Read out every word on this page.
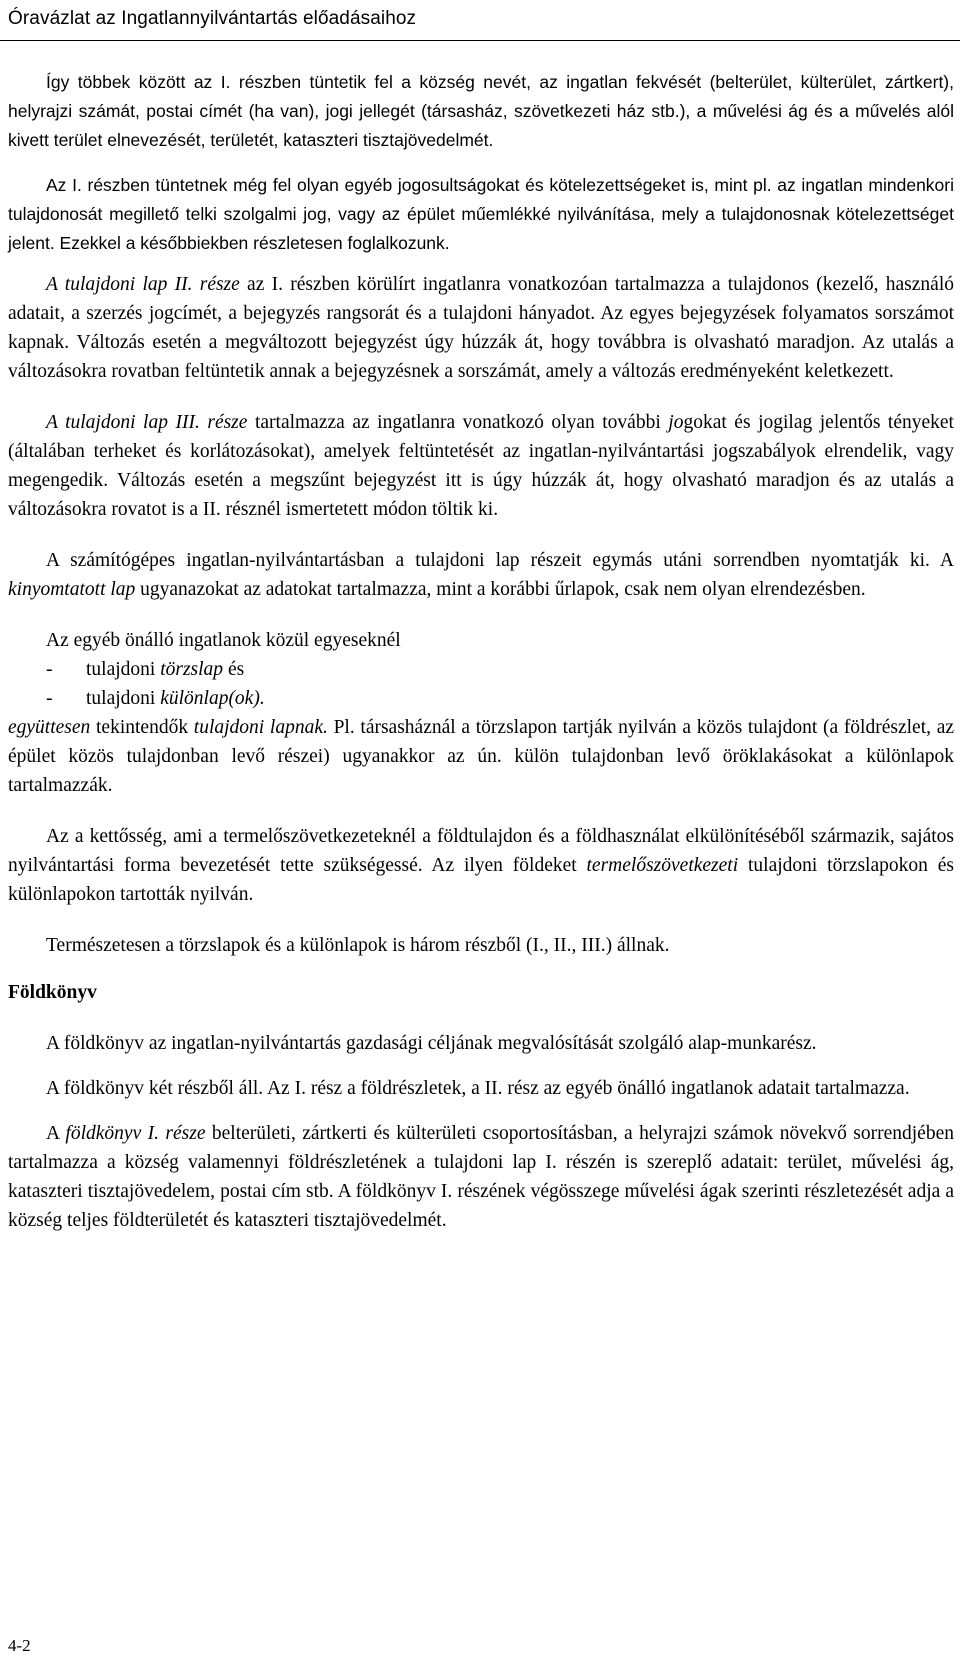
Óravázlat az Ingatlannyilvántartás előadásaihoz

Így többek között az I. részben tüntetik fel a község nevét, az ingatlan fekvését (belterület, külterület, zártkert), helyrajzi számát, postai címét (ha van), jogi jellegét (társasház, szövetkezeti ház stb.), a művelési ág és a művelés alól kivett terület elnevezését, területét, kataszteri tisztajövedelmét.

Az I. részben tüntetnek még fel olyan egyéb jogosultságokat és kötelezettségeket is, mint pl. az ingatlan mindenkori tulajdonosát megillető telki szolgalmi jog, vagy az épület műemlékké nyilvánítása, mely a tulajdonosnak kötelezettséget jelent. Ezekkel a későbbiekben részletesen foglalkozunk.

A tulajdoni lap II. része az I. részben körülírt ingatlanra vonatkozóan tartalmazza a tulajdonos (kezelő, használó adatait, a szerzés jogcímét, a bejegyzés rangsorát és a tulajdoni hányadot. Az egyes bejegyzések folyamatos sorszámot kapnak. Változás esetén a megváltozott bejegyzést úgy húzzák át, hogy továbbra is olvasható maradjon. Az utalás a változásokra rovatban feltüntetik annak a bejegyzésnek a sorszámát, amely a változás eredményeként keletkezett.

A tulajdoni lap III. része tartalmazza az ingatlanra vonatkozó olyan további jogokat és jogilag jelentős tényeket (általában terheket és korlátozásokat), amelyek feltüntetését az ingatlan-nyilvántartási jogszabályok elrendelik, vagy megengedik. Változás esetén a megszűnt bejegyzést itt is úgy húzzák át, hogy olvasható maradjon és az utalás a változásokra rovatot is a II. résznél ismertetett módon töltik ki.

A számítógépes ingatlan-nyilvántartásban a tulajdoni lap részeit egymás utáni sorrendben nyomtatják ki. A kinyomtatott lap ugyanazokat az adatokat tartalmazza, mint a korábbi űrlapok, csak nem olyan elrendezésben.

Az egyéb önálló ingatlanok közül egyeseknél

- tulajdoni törzslap és

- tulajdoni különlap(ok).

együttesen tekintendők tulajdoni lapnak. Pl. társasháznál a törzslapon tartják nyilván a közös tulajdont (a földrészlet, az épület közös tulajdonban levő részei) ugyanakkor az ún. külön tulajdonban levő öröklakásokat a különlapok tartalmazzák.

Az a kettősség, ami a termelőszövetkezeteknél a földtulajdon és a földhasználat elkülönítéséből származik, sajátos nyilvántartási forma bevezetését tette szükségessé. Az ilyen földeket termelőszövetkezeti tulajdoni törzslapokon és különlapokon tartották nyilván.

Természetesen a törzslapok és a különlapok is három részből (I., II., III.) állnak.

Földkönyv

A földkönyv az ingatlan-nyilvántartás gazdasági céljának megvalósítását szolgáló alap-munkarész.

A földkönyv két részből áll. Az I. rész a földrészletek, a II. rész az egyéb önálló ingatlanok adatait tartalmazza.

A földkönyv I. része belterületi, zártkerti és külterületi csoportosításban, a helyrajzi számok növekvő sorrendjében tartalmazza a község valamennyi földrészletének a tulajdoni lap I. részén is szereplő adatait: terület, művelési ág, kataszteri tisztajövedelem, postai cím stb. A földkönyv I. részének végösszege művelési ágak szerinti részletezését adja a község teljes földterületét és kataszteri tisztajövedelmét.

4-2
